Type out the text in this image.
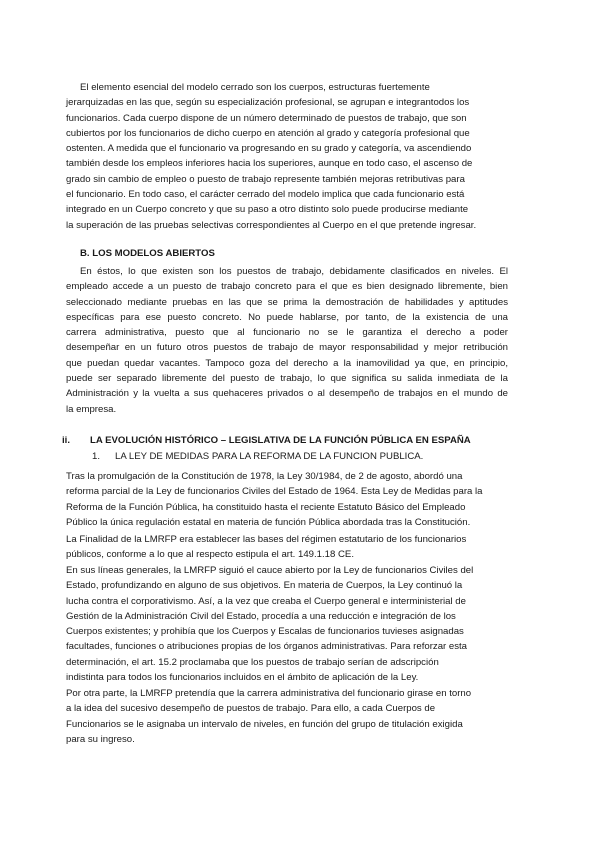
El elemento esencial del modelo cerrado son los cuerpos, estructuras fuertemente
jerarquizadas en las que, según su especialización profesional, se agrupan e integrantodos los
funcionarios. Cada cuerpo dispone de un número determinado de puestos de trabajo, que son
cubiertos por los funcionarios de dicho cuerpo en atención al grado y categoría profesional que
ostenten. A medida que el funcionario va progresando en su grado y categoría, va ascendiendo
también desde los empleos inferiores hacia los superiores, aunque en todo caso, el ascenso de
grado sin cambio de empleo o puesto de trabajo represente también mejoras retributivas para
el funcionario. En todo caso, el carácter cerrado del modelo implica que cada funcionario está
integrado en un Cuerpo concreto y que su paso a otro distinto solo puede producirse mediante
la superación de las pruebas selectivas correspondientes al Cuerpo en el que pretende ingresar.
B. LOS MODELOS ABIERTOS
En éstos, lo que existen son los puestos de trabajo, debidamente clasificados en niveles. El
empleado accede a un puesto de trabajo concreto para el que es bien designado libremente, bien
seleccionado mediante pruebas en las que se prima la demostración de habilidades y aptitudes
específicas para ese puesto concreto. No puede hablarse, por tanto, de la existencia de una
carrera administrativa, puesto que al funcionario no se le garantiza el derecho a poder
desempeñar en un futuro otros puestos de trabajo de mayor responsabilidad y mejor retribución
que puedan quedar vacantes. Tampoco goza del derecho a la inamovilidad ya que, en principio,
puede ser separado libremente del puesto de trabajo, lo que significa su salida inmediata de la
Administración y la vuelta a sus quehaceres privados o al desempeño de trabajos en el mundo de
la empresa.
ii. LA EVOLUCIÓN HISTÓRICO – LEGISLATIVA DE LA FUNCIÓN PÚBLICA EN ESPAÑA
1. LA LEY DE MEDIDAS PARA LA REFORMA DE LA FUNCION PUBLICA.
Tras la promulgación de la Constitución de 1978, la Ley 30/1984, de 2 de agosto, abordó una
reforma parcial de la Ley de funcionarios Civiles del Estado de 1964. Esta Ley de Medidas para la
Reforma de la Función Pública, ha constituido hasta el reciente Estatuto Básico del Empleado
Público la única regulación estatal en materia de función Pública abordada tras la Constitución.
La Finalidad de la LMRFP era establecer las bases del régimen estatutario de los funcionarios
públicos, conforme a lo que al respecto estipula el art. 149.1.18 CE.
En sus líneas generales, la LMRFP siguió el cauce abierto por la Ley de funcionarios Civiles del
Estado, profundizando en alguno de sus objetivos. En materia de Cuerpos, la Ley continuó la
lucha contra el corporativismo. Así, a la vez que creaba el Cuerpo general e interministerial de
Gestión de la Administración Civil del Estado, procedía a una reducción e integración de los
Cuerpos existentes; y prohibía que los Cuerpos y Escalas de funcionarios tuvieses asignadas
facultades, funciones o atribuciones propias de los órganos administrativas. Para reforzar esta
determinación, el art. 15.2 proclamaba que los puestos de trabajo serían de adscripción
indistinta para todos los funcionarios incluidos en el ámbito de aplicación de la Ley.
Por otra parte, la LMRFP pretendía que la carrera administrativa del funcionario girase en torno
a la idea del sucesivo desempeño de puestos de trabajo. Para ello, a cada Cuerpos de
Funcionarios se le asignaba un intervalo de niveles, en función del grupo de titulación exigida
para su ingreso.
